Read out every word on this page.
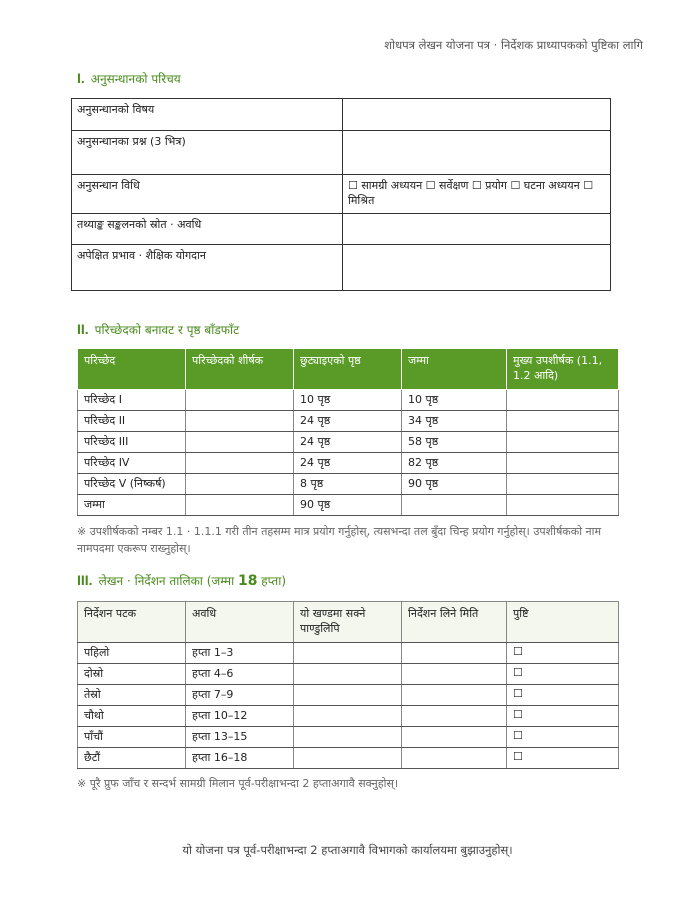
शोधपत्र लेखन योजना पत्र · निर्देशक प्राध्यापकको पुष्टिका लागि
I. अनुसन्धानको परिचय
अनुसन्धानको विषय	
अनुसन्धानका प्रश्न (3 भित्र)	
अनुसन्धान विधि	☐ सामग्री अध्ययन ☐ सर्वेक्षण ☐ प्रयोग ☐ घटना अध्ययन ☐ मिश्रित
तथ्याङ्क सङ्कलनको स्रोत · अवधि	
अपेक्षित प्रभाव · शैक्षिक योगदान	
II. परिच्छेदको बनावट र पृष्ठ बाँडफाँट
परिच्छेद	परिच्छेदको शीर्षक	छुट्याइएको पृष्ठ	जम्मा	मुख्य उपशीर्षक (1.1, 1.2 आदि)
परिच्छेद I		10 पृष्ठ	10 पृष्ठ	
परिच्छेद II		24 पृष्ठ	34 पृष्ठ	
परिच्छेद III		24 पृष्ठ	58 पृष्ठ	
परिच्छेद IV		24 पृष्ठ	82 पृष्ठ	
परिच्छेद V (निष्कर्ष)		8 पृष्ठ	90 पृष्ठ	
जम्मा		90 पृष्ठ		
※ उपशीर्षकको नम्बर 1.1 · 1.1.1 गरी तीन तहसम्म मात्र प्रयोग गर्नुहोस्, त्यसभन्दा तल बुँदा चिन्ह प्रयोग गर्नुहोस्। उपशीर्षकको नाम नामपदमा एकरूप राख्नुहोस्।
III. लेखन · निर्देशन तालिका (जम्मा 18 हप्ता)
निर्देशन पटक	अवधि	यो खण्डमा सक्ने पाण्डुलिपि	निर्देशन लिने मिति	पुष्टि
पहिलो	हप्ता 1–3			☐
दोस्रो	हप्ता 4–6			☐
तेस्रो	हप्ता 7–9			☐
चौथो	हप्ता 10–12			☐
पाँचौं	हप्ता 13–15			☐
छैटौं	हप्ता 16–18			☐
※ पूरै प्रुफ जाँच र सन्दर्भ सामग्री मिलान पूर्व-परीक्षाभन्दा 2 हप्ताअगावै सक्नुहोस्।
यो योजना पत्र पूर्व-परीक्षाभन्दा 2 हप्ताअगावै विभागको कार्यालयमा बुझाउनुहोस्।
